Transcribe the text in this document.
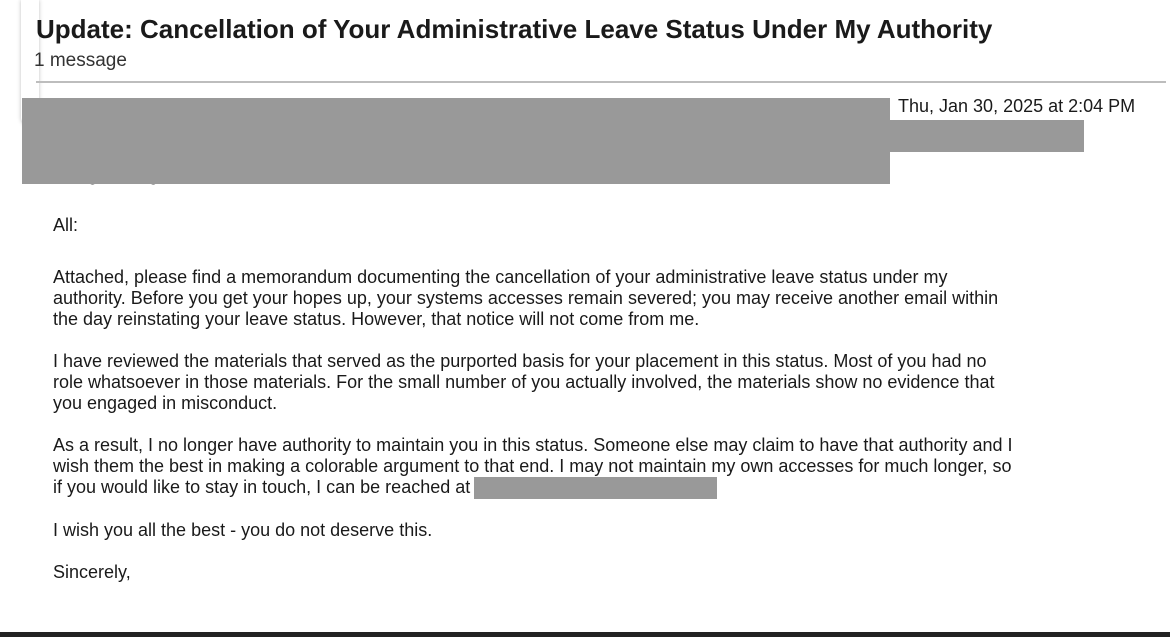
Update: Cancellation of Your Administrative Leave Status Under My Authority
1 message
Thu, Jan 30, 2025 at 2:04 PM

All:

Attached, please find a memorandum documenting the cancellation of your administrative leave status under my

authority. Before you get your hopes up, your systems accesses remain severed; you may receive another email within

the day reinstating your leave status. However, that notice will not come from me.

I have reviewed the materials that served as the purported basis for your placement in this status. Most of you had no

role whatsoever in those materials. For the small number of you actually involved, the materials show no evidence that

you engaged in misconduct.

As a result, I no longer have authority to maintain you in this status. Someone else may claim to have that authority and I

wish them the best in making a colorable argument to that end. I may not maintain my own accesses for much longer, so

if you would like to stay in touch, I can be reached at

I wish you all the best - you do not deserve this.

Sincerely,
